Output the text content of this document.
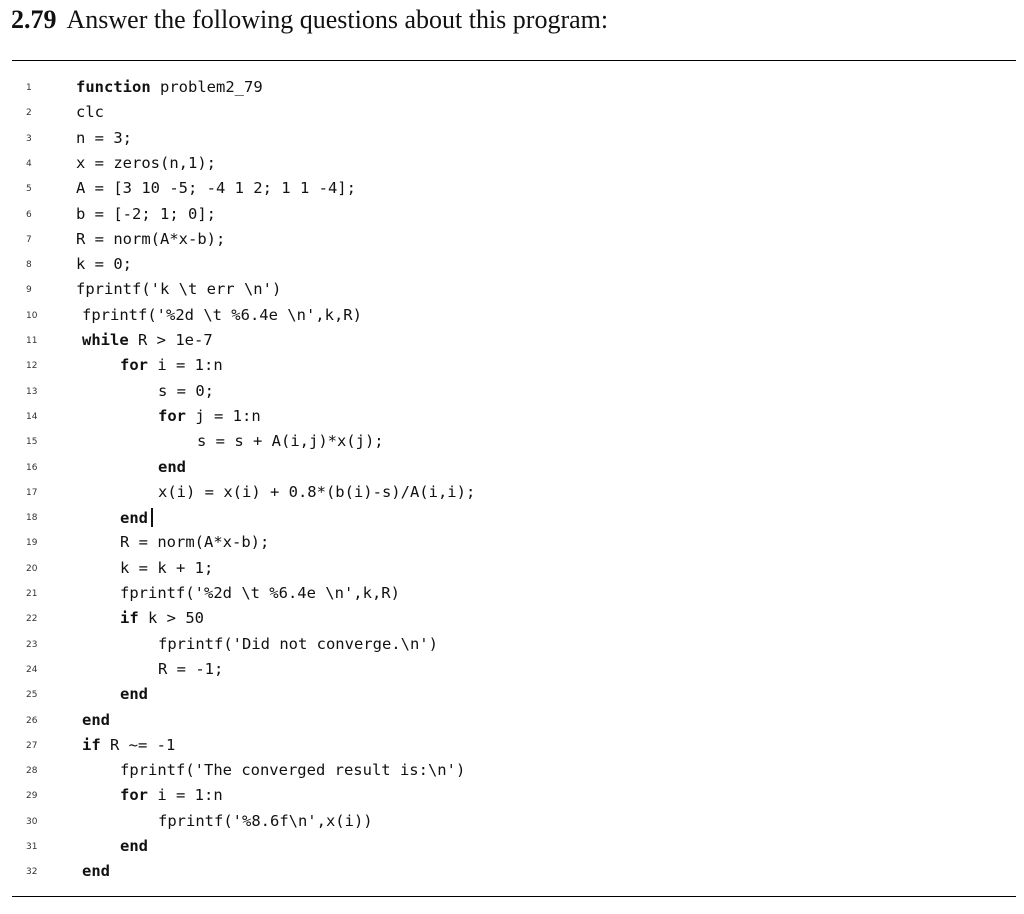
2.79 Answer the following questions about this program:
1	function problem2_79
2	clc
3	n = 3;
4	x = zeros(n,1);
5	A = [3 10 -5; -4 1 2; 1 1 -4];
6	b = [-2; 1; 0];
7	R = norm(A*x-b);
8	k = 0;
9	fprintf('k \t err \n')
10	fprintf('%2d \t %6.4e \n',k,R)
11	while R > 1e-7
12	for i = 1:n
13	s = 0;
14	for j = 1:n
15	s = s + A(i,j)*x(j);
16	end
17	x(i) = x(i) + 0.8*(b(i)-s)/A(i,i);
18	end
19	R = norm(A*x-b);
20	k = k + 1;
21	fprintf('%2d \t %6.4e \n',k,R)
22	if k > 50
23	fprintf('Did not converge.\n')
24	R = -1;
25	end
26	end
27	if R ~= -1
28	fprintf('The converged result is:\n')
29	for i = 1:n
30	fprintf('%8.6f\n',x(i))
31	end
32	end
